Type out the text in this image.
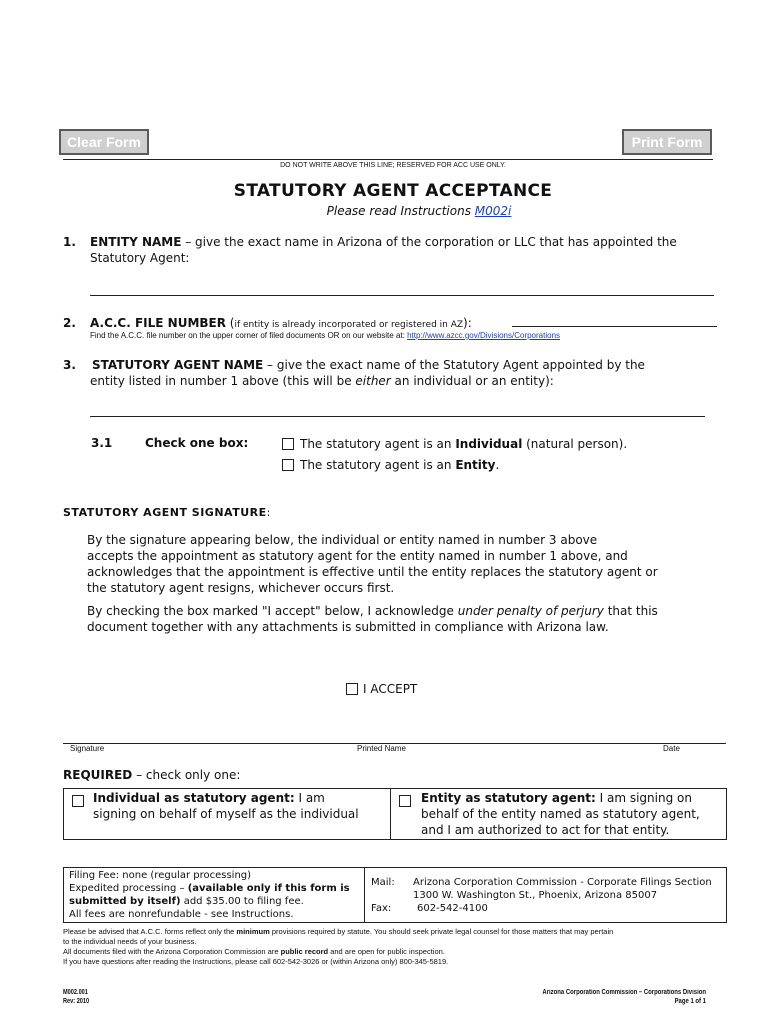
Clear Form	Print Form
DO NOT WRITE ABOVE THIS LINE; RESERVED FOR ACC USE ONLY.
STATUTORY AGENT ACCEPTANCE
Please read Instructions M002i
1. ENTITY NAME – give the exact name in Arizona of the corporation or LLC that has appointed the
Statutory Agent:
2. A.C.C. FILE NUMBER (if entity is already incorporated or registered in AZ):
Find the A.C.C. file number on the upper corner of filed documents OR on our website at: http://www.azcc.gov/Divisions/Corporations
3. STATUTORY AGENT NAME – give the exact name of the Statutory Agent appointed by the
entity listed in number 1 above (this will be either an individual or an entity):
3.1	Check one box:	The statutory agent is an Individual (natural person).
The statutory agent is an Entity.
STATUTORY AGENT SIGNATURE:
By the signature appearing below, the individual or entity named in number 3 above
accepts the appointment as statutory agent for the entity named in number 1 above, and
acknowledges that the appointment is effective until the entity replaces the statutory agent or
the statutory agent resigns, whichever occurs first.
By checking the box marked "I accept" below, I acknowledge under penalty of perjury that this
document together with any attachments is submitted in compliance with Arizona law.
I ACCEPT
Signature	Printed Name	Date
REQUIRED – check only one:
Individual as statutory agent: I am
signing on behalf of myself as the individual
Entity as statutory agent: I am signing on
behalf of the entity named as statutory agent,
and I am authorized to act for that entity.
Filing Fee: none (regular processing)
Expedited processing – (available only if this form is
submitted by itself) add $35.00 to filing fee.
All fees are nonrefundable - see Instructions.
Mail: Arizona Corporation Commission - Corporate Filings Section
1300 W. Washington St., Phoenix, Arizona 85007
Fax:	602-542-4100
Please be advised that A.C.C. forms reflect only the minimum provisions required by statute. You should seek private legal counsel for those matters that may pertain
to the individual needs of your business.
All documents filed with the Arizona Corporation Commission are public record and are open for public inspection.
If you have questions after reading the Instructions, please call 602-542-3026 or (within Arizona only) 800-345-5819.
M002.001
Rev: 2010
Arizona Corporation Commission – Corporations Division
Page 1 of 1
